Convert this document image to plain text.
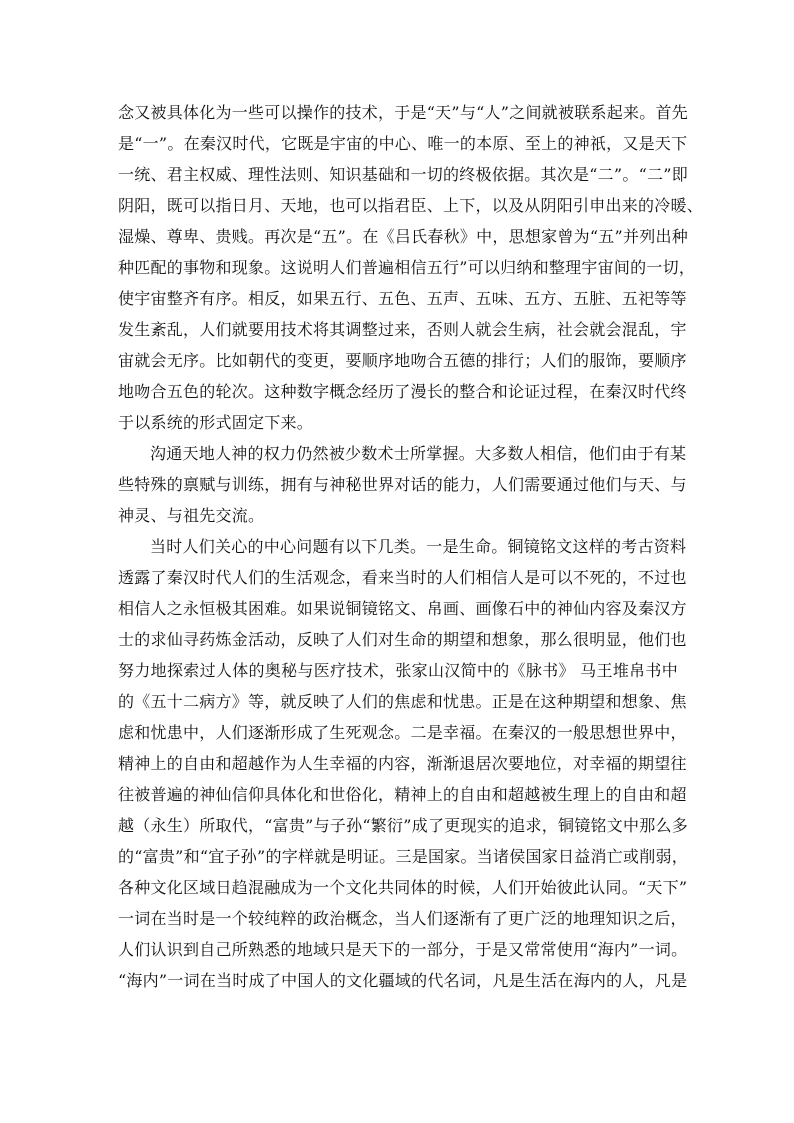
念又被具体化为一些可以操作的技术，于是“天”与“人”之间就被联系起来。首先
是“一”。在秦汉时代，它既是宇宙的中心、唯一的本原、至上的神祇，又是天下
一统、君主权威、理性法则、知识基础和一切的终极依据。其次是“二”。“二”即
阴阳，既可以指日月、天地，也可以指君臣、上下，以及从阴阳引申出来的冷暖、
湿燥、尊卑、贵贱。再次是“五”。在《吕氏春秋》中，思想家曾为“五”并列出种
种匹配的事物和现象。这说明人们普遍相信五行”可以归纳和整理宇宙间的一切，
使宇宙整齐有序。相反，如果五行、五色、五声、五味、五方、五脏、五祀等等
发生紊乱，人们就要用技术将其调整过来，否则人就会生病，社会就会混乱，宇
宙就会无序。比如朝代的变更，要顺序地吻合五德的排行；人们的服饰，要顺序
地吻合五色的轮次。这种数字概念经历了漫长的整合和论证过程，在秦汉时代终
于以系统的形式固定下来。
沟通天地人神的权力仍然被少数术士所掌握。大多数人相信，他们由于有某
些特殊的禀赋与训练，拥有与神秘世界对话的能力，人们需要通过他们与天、与
神灵、与祖先交流。
当时人们关心的中心问题有以下几类。一是生命。铜镜铭文这样的考古资料
透露了秦汉时代人们的生活观念，看来当时的人们相信人是可以不死的，不过也
相信人之永恒极其困难。如果说铜镜铭文、帛画、画像石中的神仙内容及秦汉方
士的求仙寻药炼金活动，反映了人们对生命的期望和想象，那么很明显，他们也
努力地探索过人体的奥秘与医疗技术，张家山汉简中的《脉书》 马王堆帛书中
的《五十二病方》等，就反映了人们的焦虑和忧患。正是在这种期望和想象、焦
虑和忧患中，人们逐渐形成了生死观念。二是幸福。在秦汉的一般思想世界中，
精神上的自由和超越作为人生幸福的内容，渐渐退居次要地位，对幸福的期望往
往被普遍的神仙信仰具体化和世俗化，精神上的自由和超越被生理上的自由和超
越（永生）所取代，“富贵”与子孙“繁衍”成了更现实的追求，铜镜铭文中那么多
的“富贵”和“宜子孙”的字样就是明证。三是国家。当诸侯国家日益消亡或削弱，
各种文化区域日趋混融成为一个文化共同体的时候，人们开始彼此认同。“天下”
一词在当时是一个较纯粹的政治概念，当人们逐渐有了更广泛的地理知识之后，
人们认识到自己所熟悉的地域只是天下的一部分，于是又常常使用“海内”一词。
“海内”一词在当时成了中国人的文化疆域的代名词，凡是生活在海内的人，凡是
